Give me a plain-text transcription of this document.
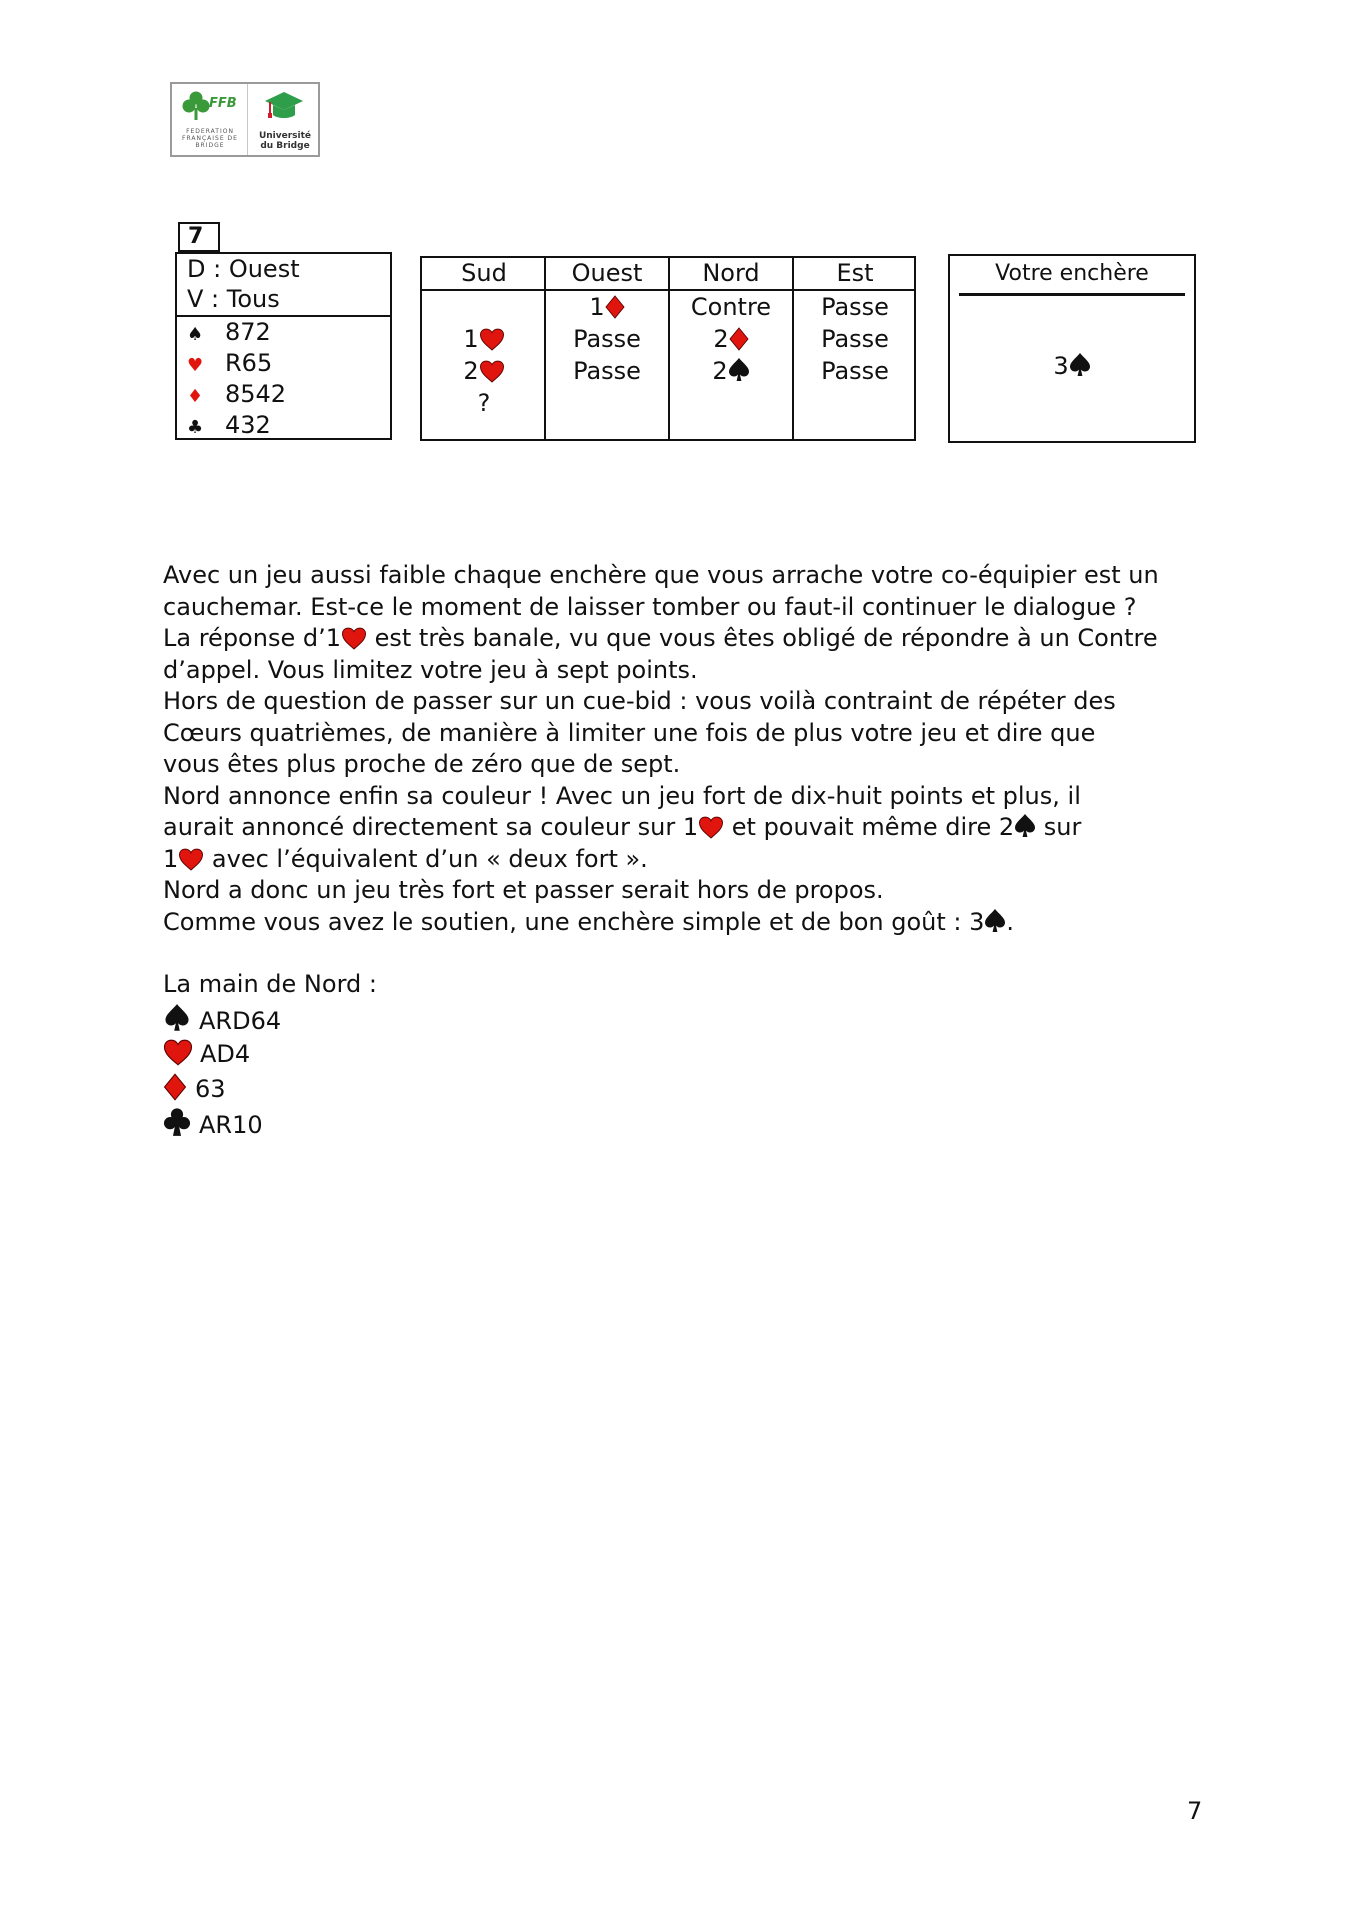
FFB
FEDERATION FRANÇAISE DE BRIDGE
Université du Bridge
7
D : Ouest
V : Tous
♠ 872
♥ R65
♦ 8542
♣ 432
Sud
1
2
?
Ouest
1
Passe
Passe
Nord
Contre
2
2
Est
Passe
Passe
Passe
Votre enchère
3

Avec un jeu aussi faible chaque enchère que vous arrache votre co-équipier est un

cauchemar. Est-ce le moment de laisser tomber ou faut-il continuer le dialogue ?

La réponse d’1 est très banale, vu que vous êtes obligé de répondre à un Contre

d’appel. Vous limitez votre jeu à sept points.

Hors de question de passer sur un cue-bid : vous voilà contraint de répéter des

Cœurs quatrièmes, de manière à limiter une fois de plus votre jeu et dire que

vous êtes plus proche de zéro que de sept.

Nord annonce enfin sa couleur ! Avec un jeu fort de dix-huit points et plus, il

aurait annoncé directement sa couleur sur 1 et pouvait même dire 2 sur

1 avec l’équivalent d’un « deux fort ».

Nord a donc un jeu très fort et passer serait hors de propos.

Comme vous avez le soutien, une enchère simple et de bon goût : 3 .

La main de Nord :

ARD64

AD4

63

AR10

7
